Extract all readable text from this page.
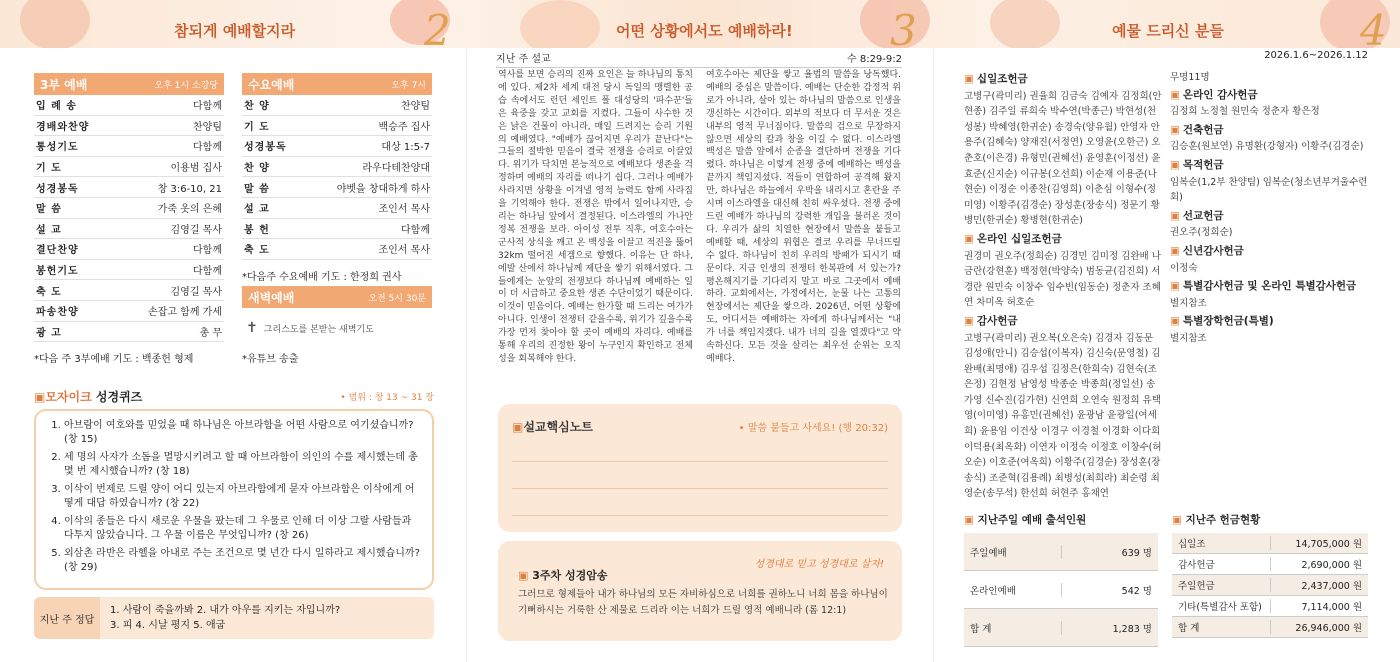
참되게 예배할지라	2	어떤 상황에서도 예배하라! 3	예물 드리신 분들	4
3부 예배	오후 1시 소강당
입 례 송	다함께
경배와찬양	찬양팀
통성기도	다함께
기 도	이용범 집사
성경봉독	창 3:6-10, 21
말 씀	가죽 옷의 은혜
설 교	김영길 목사
결단찬양	다함께
봉헌기도	다함께
축 도	김영길 목사
파송찬양	손잡고 함께 가세
광 고	총 무
*다음 주 3부예배 기도 : 백종헌 형제
수요예배	오후 7시
찬 양	찬양팀
기 도	백승주 집사
성경봉독	대상 1:5-7
찬 양	라우다테찬양대
말 씀	야벳을 창대하게 하사
설 교	조인서 목사
봉 헌	다함께
축 도	조인서 목사
*다음주 수요예배 기도 : 한정희 권사
새벽예배	오전 5시 30분
✝ 그리스도를 본받는 새벽기도
*유튜브 송출
▣모자이크 성경퀴즈	• 범위 : 창 13 ~ 31 장
1. 아브람이 여호와를 믿었을 때 하나님은 아브라함을 어떤 사람으로 여기셨습니까? (창 15)
2. 세 명의 사자가 소돔을 멸망시키려고 할 때 아브라함이 의인의 수를 제시했는데 총 몇 번 제시했습니까? (창 18)
3. 이삭이 번제로 드릴 양이 어디 있는지 아브라함에게 묻자 아브라함은 이삭에게 어떻게 대답 하였습니까? (창 22)
4. 이삭의 종들은 다시 새로운 우물을 팠는데 그 우물로 인해 더 이상 그랄 사람들과 다투지 않았습니다. 그 우물 이름은 무엇입니까? (창 26)
5. 외삼촌 라반은 라헬을 아내로 주는 조건으로 몇 년간 다시 일하라고 제시했습니까? (창 29)
지난 주 정답
1. 사람이 죽을까봐 2. 내가 아우를 지키는 자입니까?
3. 피 4. 시날 평지 5. 애굽
지난 주 설교	수 8:29-9:2
역사를 보면 승리의 진짜 요인은 늘 하나님의 통치에 있다. 제2차 세계 대전 당시 독일의 맹렬한 공습 속에서도 런던 세인트 폴 대성당의 '파수꾼'들은 육중을 갖고 교회를 지켰다. 그들이 사수한 것은 낡은 건물이 아니라, 매일 드려지는 승리 기원의 예배였다. "예배가 끊어지면 우리가 끝난다"는 그들의 절박한 믿음이 결국 전쟁을 승리로 이끌었다. 위기가 닥치면 본능적으로 예배보다 생존을 걱정하며 예배의 자리를 떠나기 쉽다. 그러나 예배가 사라지면 상황을 이겨낼 영적 능력도 함께 사라짐을 기억해야 한다. 전쟁은 밖에서 일어나지만, 승리는 하나님 앞에서 결정된다. 이스라엘의 가나안 정복 전쟁을 보라. 아이성 전투 직후, 여호수아는 군사적 상식을 깨고 온 백성을 이끌고 적진을 뚫어 32km 떨어진 세겜으로 향했다. 이유는 단 하나, 에발 산에서 하나님께 제단을 쌓기 위해서였다. 그들에게는 눈앞의 전쟁보다 하나님께 예배하는 일이 더 시급하고 중요한 생존 수단이었기 때문이다. 이것이 믿음이다. 예배는 한가할 때 드리는 여가가 아니다. 인생이 전쟁터 같을수록, 위기가 깊을수록 가장 먼저 찾아야 할 곳이 예배의 자리다. 예배를 통해 우리의 진정한 왕이 누구인지 확인하고 전체성을 회복해야 한다.
여호수아는 제단을 쌓고 율법의 말씀을 낭독했다. 예배의 중심은 말씀이다. 예배는 단순한 감정적 위로가 아니라, 살아 있는 하나님의 말씀으로 인생을 갱신하는 시간이다. 외부의 적보다 더 무서운 것은 내부의 영적 무너짐이다. 말씀의 검으로 무장하지 않으면 세상의 칼과 창을 이길 수 없다. 이스라엘 백성은 말씀 앞에서 순종을 결단하며 전쟁을 기다렸다. 하나님은 이렇게 전쟁 중에 예배하는 백성을 끝까지 책임지셨다. 적들이 연합하여 공격해 왔지만, 하나님은 하늘에서 우박을 내리시고 혼란을 주시며 이스라엘을 대신해 친히 싸우셨다. 전쟁 중에 드린 예배가 하나님의 강력한 개입을 불러온 것이다. 우리가 삶의 치열한 현장에서 말씀을 붙들고 예배할 때, 세상의 위협은 결코 우리를 무너뜨릴 수 없다. 하나님이 친히 우리의 방패가 되시기 때문이다. 지금 인생의 전쟁터 한복판에 서 있는가? 평온해지기를 기다리지 말고 바로 그곳에서 예배하라. 교회에서는, 가정에서는, 눈물 나는 고통의 현장에서는 제단을 쌓으라. 2026년, 어떤 상황에도, 어디서든 예배하는 자에게 하나님께서는 "내가 너를 책임지겠다. 내가 너의 길을 열겠다"고 약속하신다. 모든 것을 살리는 최우선 순위는 오직 예배다.
▣설교핵심노트	• 말씀 붙들고 사세요! (행 20:32)
성경대로 믿고 성경대로 살자!
▣ 3주차 성경암송
그러므로 형제들아 내가 하나님의 모든 자비하심으로 너희를 권하노니 너희 몸을 하나님이 기뻐하시는 거룩한 산 제물로 드리라 이는 너희가 드릴 영적 예배니라 (롬 12:1)
2026.1.6~2026.1.12
▣ 십일조헌금
고병구(곽미리) 권율희 김금숙 김예자 김정희(안현종) 김주일 류희숙 박수연(박종근) 박현성(천성봉) 박혜영(한귀순) 송경숙(양유월) 안영자 안용주(김혜숙) 양재진(서정연) 오영윤(오한근) 오춘호(이은경) 유형민(권혜선) 윤영훈(이정선) 윤효준(신지순) 이규봉(오선희) 이순재 이용준(나현순) 이정순 이종찬(김영희) 이춘심 이형수(정미영) 이황주(김경순) 장성훈(장송식) 정문기 황병민(한귀순) 황병현(한귀순)
▣ 온라인 십일조헌금
권경미 권오주(정희순) 김경민 김미정 김완배 나금란(강현훈) 백정현(박양숙) 범동균(김진희) 서경란 원민숙 이창수 임수빈(임동순) 정춘자 조혜연 차미옥 허호순
▣ 감사헌금
고병구(곽미리) 권오복(오은숙) 김경자 김동문 김성애(안니) 김승섭(이복자) 김신숙(문영철) 김완배(최명애) 김우섭 김정은(한희숙) 김현숙(조은정) 김현정 남영성 박종순 박종희(정일선) 송가영 신수진(김가현) 신연희 오연숙 원정희 유택영(이미영) 유홍민(권혜선) 윤광남 윤광일(여세희) 윤용임 이건상 이경구 이경철 이경화 이다희 이덕용(최옥화) 이연자 이정숙 이정호 이창수(허오순) 이호준(여옥희) 이황주(김경순) 장성훈(장송식) 조준혁(김용례) 최병성(최희라) 최순령 최영순(송무석) 한선희 허현주 홍채연
무명11명
▣ 온라인 감사헌금
김정희 노정철 원민숙 정춘자 황은정
▣ 건축헌금
김승훈(원보연) 유명환(강형자) 이황주(김경순)
▣ 목적헌금
임복순(1,2부 찬양팀) 임복순(청소년부겨울수련회)
▣ 선교헌금
권오주(정희순)
▣ 신년감사헌금
이정숙
▣ 특별감사헌금 및 온라인 특별감사헌금
별지참조
▣ 특별장학헌금(특별)
별지참조
▣ 지난주일 예배 출석인원
주일예배	639 명
온라인예배	542 명
합 계	1,283 명
▣ 지난주 헌금현황
십일조	14,705,000 원
감사헌금	2,690,000 원
주일헌금	2,437,000 원
기타(특별감사 포함)	7,114,000 원
합 계	26,946,000 원
